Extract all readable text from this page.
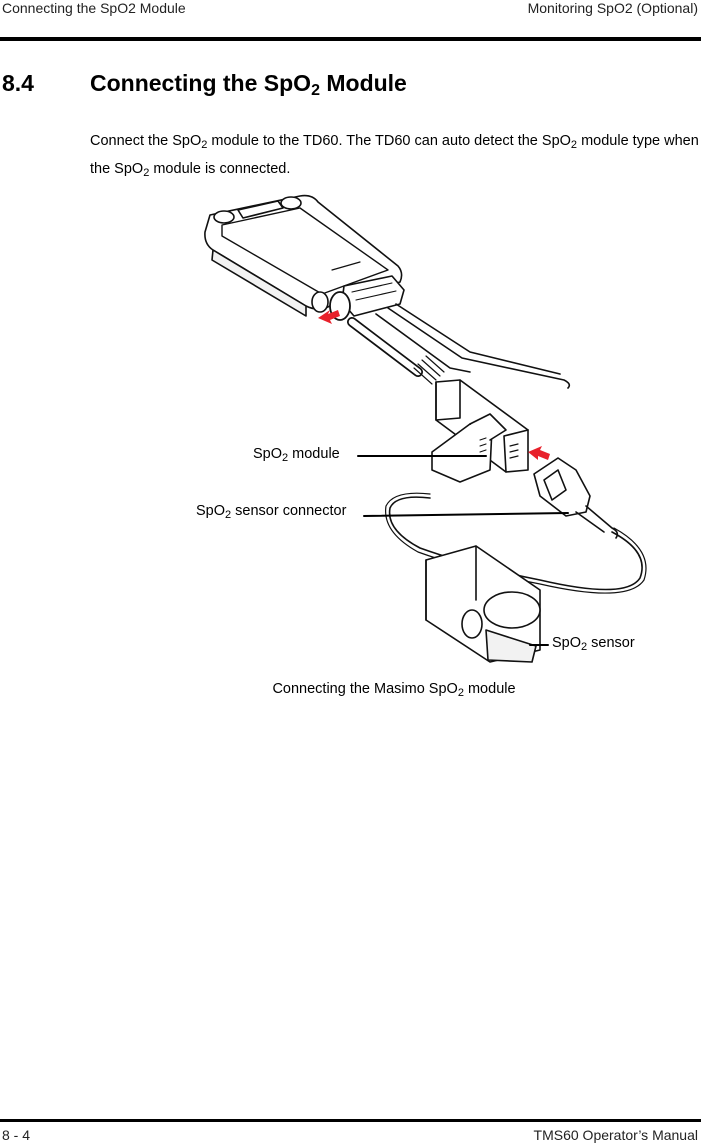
Connecting the SpO2 Module	Monitoring SpO2 (Optional)
8.4 Connecting the SpO$_2$ Module
Connect the SpO$_2$ module to the TD60. The TD60 can auto detect the SpO$_2$ module type when the SpO$_2$ module is connected.
SpO$_2$ module
SpO$_2$ sensor connector
SpO$_2$ sensor
Connecting the Masimo SpO$_2$ module
8 - 4	TMS60 Operator’s Manual
